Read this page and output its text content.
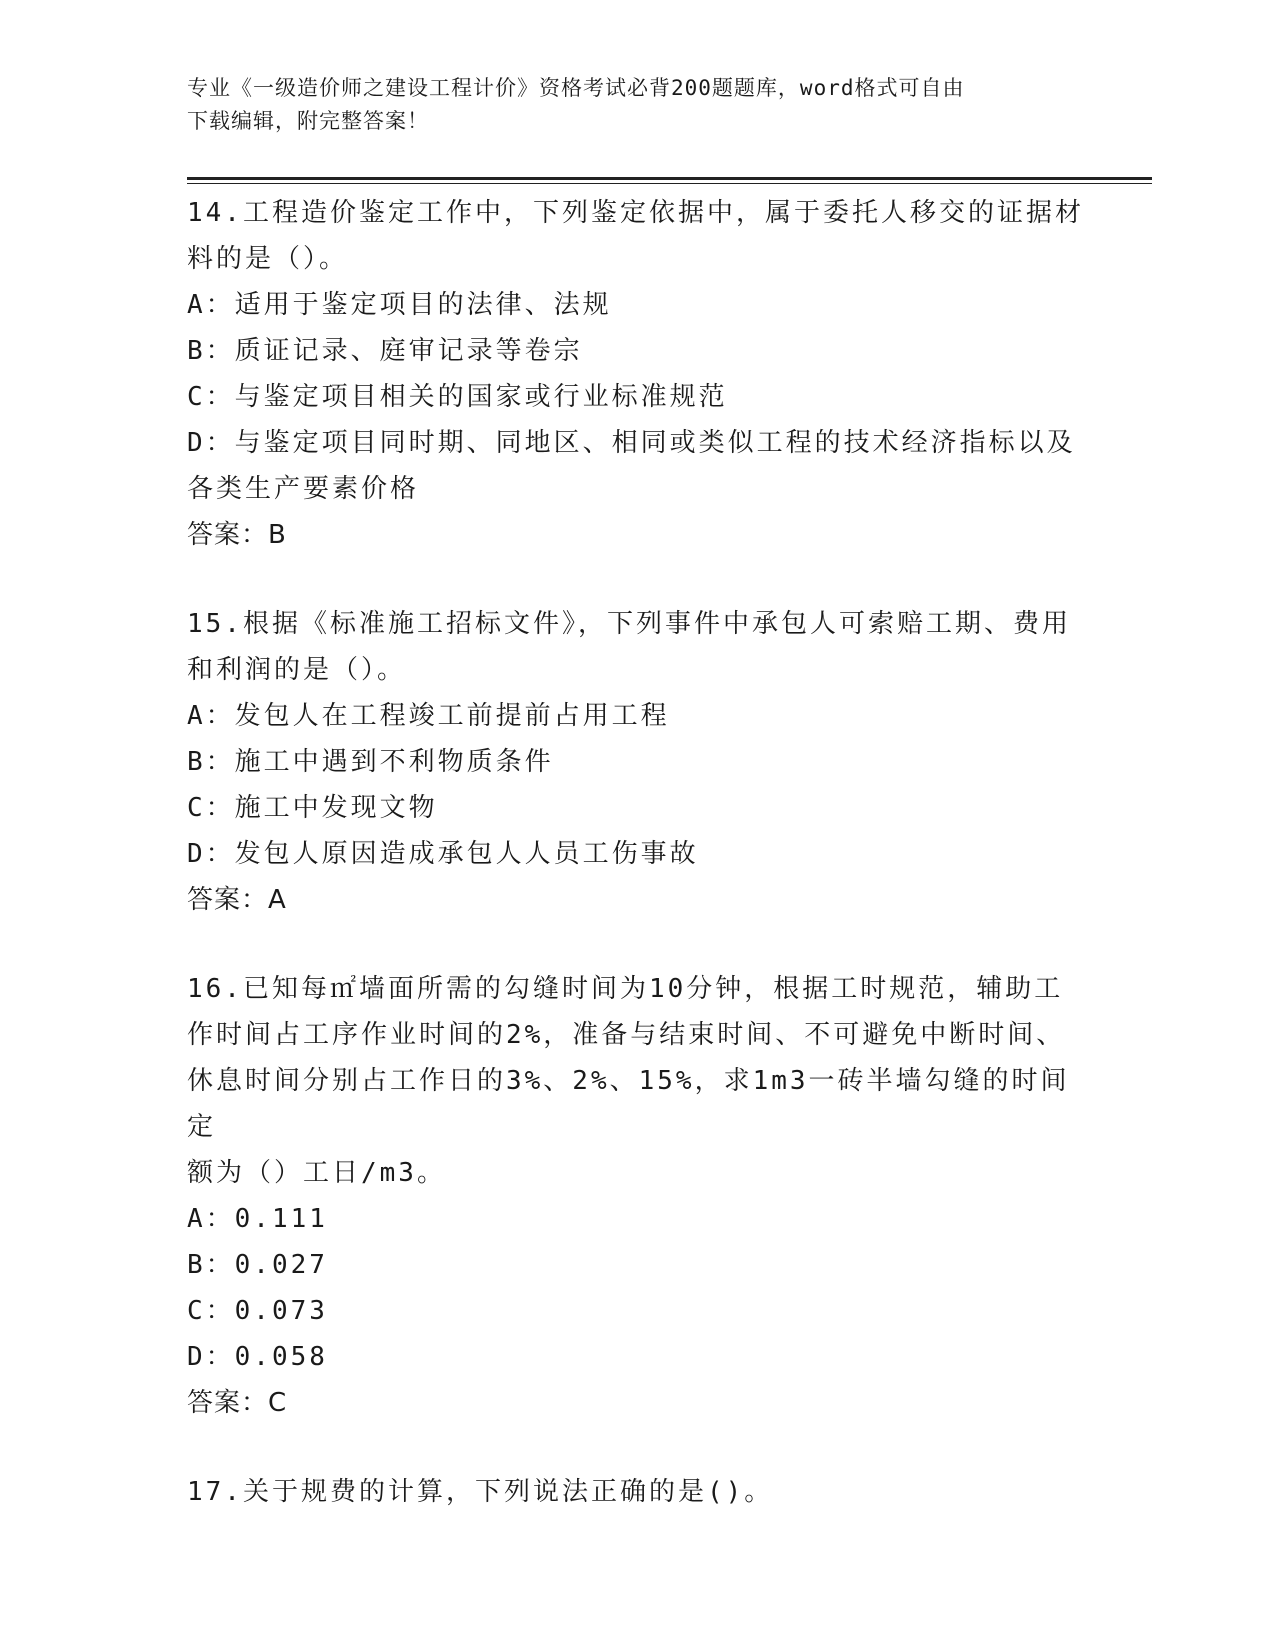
专业《一级造价师之建设工程计价》资格考试必背200题题库，word格式可自由
下载编辑，附完整答案！
14.工程造价鉴定工作中，下列鉴定依据中，属于委托人移交的证据材
料的是（）。
A：适用于鉴定项目的法律、法规
B：质证记录、庭审记录等卷宗
C：与鉴定项目相关的国家或行业标准规范
D：与鉴定项目同时期、同地区、相同或类似工程的技术经济指标以及
各类生产要素价格
答案：B
15.根据《标准施工招标文件》，下列事件中承包人可索赔工期、费用
和利润的是（）。
A：发包人在工程竣工前提前占用工程
B：施工中遇到不利物质条件
C：施工中发现文物
D：发包人原因造成承包人人员工伤事故
答案：A
16.已知每㎡墙面所需的勾缝时间为10分钟，根据工时规范，辅助工
作时间占工序作业时间的2%，准备与结束时间、不可避免中断时间、
休息时间分别占工作日的3%、2%、15%，求1m3一砖半墙勾缝的时间定
额为（）工日/m3。
A：0.111
B：0.027
C：0.073
D：0.058
答案：C
17.关于规费的计算，下列说法正确的是()。
